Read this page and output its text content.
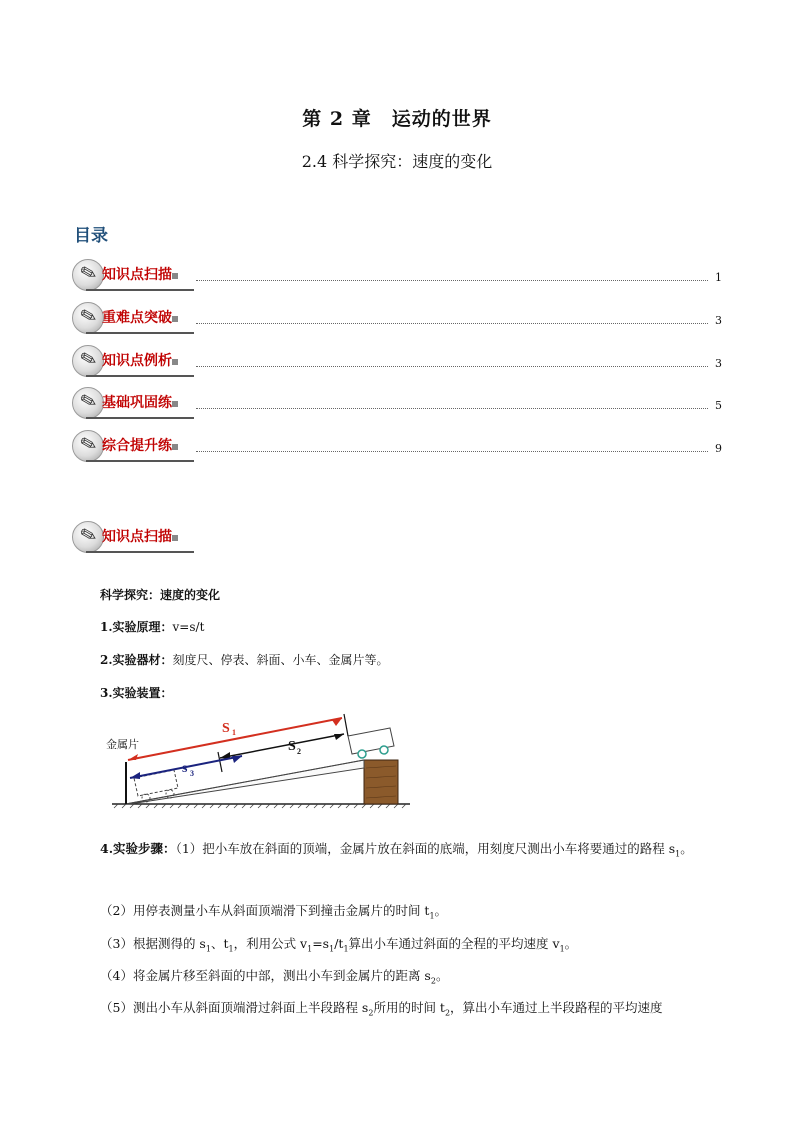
第 2 章　运动的世界
2.4 科学探究：速度的变化
目录
✎ 知识点扫描	1
✎ 重难点突破	3
✎ 知识点例析	3
✎ 基础巩固练	5
✎ 综合提升练	9
✎ 知识点扫描
科学探究：速度的变化
1.实验原理：v=s/t
2.实验器材：刻度尺、停表、斜面、小车、金属片等。
3.实验装置：
金属片
S 1
S 2
s 3
4.实验步骤：（1）把小车放在斜面的顶端，金属片放在斜面的底端，用刻度尺测出小车将要通过的路程 $s_1$。
（2）用停表测量小车从斜面顶端滑下到撞击金属片的时间 $t_1$。
（3）根据测得的 $s_1$、$t_1$，利用公式 $v_1=s_1/t_1$算出小车通过斜面的全程的平均速度 $v_1$。
（4）将金属片移至斜面的中部，测出小车到金属片的距离 $s_2$。
（5）测出小车从斜面顶端滑过斜面上半段路程 $s_2$所用的时间 $t_2$，算出小车通过上半段路程的平均速度
